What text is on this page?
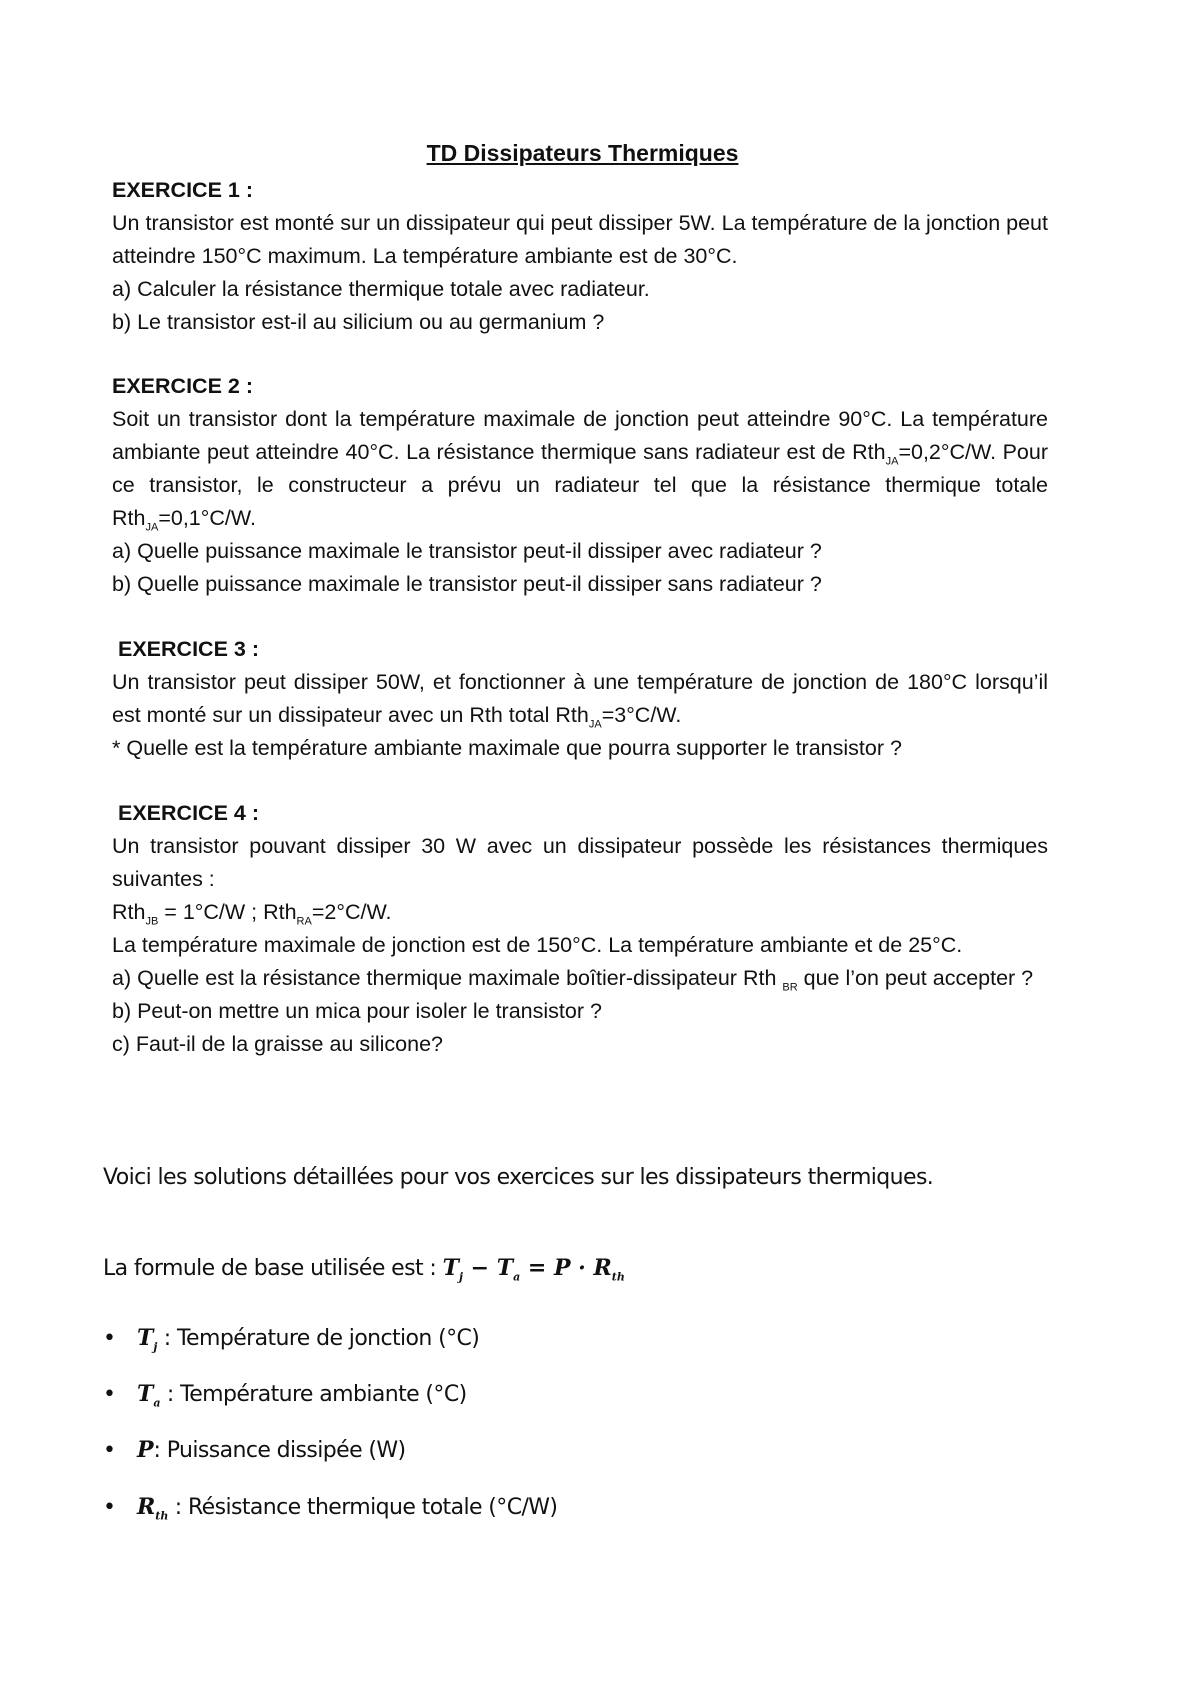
TD Dissipateurs Thermiques

EXERCICE 1 :

Un transistor est monté sur un dissipateur qui peut dissiper 5W. La température de la jonction peut atteindre 150°C maximum. La température ambiante est de 30°C.

a) Calculer la résistance thermique totale avec radiateur.

b) Le transistor est-il au silicium ou au germanium ?

EXERCICE 2 :

Soit un transistor dont la température maximale de jonction peut atteindre 90°C. La température ambiante peut atteindre 40°C. La résistance thermique sans radiateur est de Rth$_{JA}$=0,2°C/W. Pour ce transistor, le constructeur a prévu un radiateur tel que la résistance thermique totale Rth$_{JA}$=0,1°C/W.

a) Quelle puissance maximale le transistor peut-il dissiper avec radiateur ?

b) Quelle puissance maximale le transistor peut-il dissiper sans radiateur ?

EXERCICE 3 :

Un transistor peut dissiper 50W, et fonctionner à une température de jonction de 180°C lorsqu’il est monté sur un dissipateur avec un Rth total Rth$_{JA}$=3°C/W.

* Quelle est la température ambiante maximale que pourra supporter le transistor ?

EXERCICE 4 :

Un transistor pouvant dissiper 30 W avec un dissipateur possède les résistances thermiques suivantes :

Rth$_{JB}$ = 1°C/W ; Rth$_{RA}$=2°C/W.

La température maximale de jonction est de 150°C. La température ambiante et de 25°C.

a) Quelle est la résistance thermique maximale boîtier-dissipateur Rth $_{BR}$ que l’on peut accepter ?

b) Peut-on mettre un mica pour isoler le transistor ?

c) Faut-il de la graisse au silicone?

Voici les solutions détaillées pour vos exercices sur les dissipateurs thermiques.
La formule de base utilisée est : $T_j - T_a = P \cdot R_{th}$
• $T_j$ : Température de jonction (°C)
• $T_a$ : Température ambiante (°C)
• P: Puissance dissipée (W)
• $R_{th}$ : Résistance thermique totale (°C/W)
